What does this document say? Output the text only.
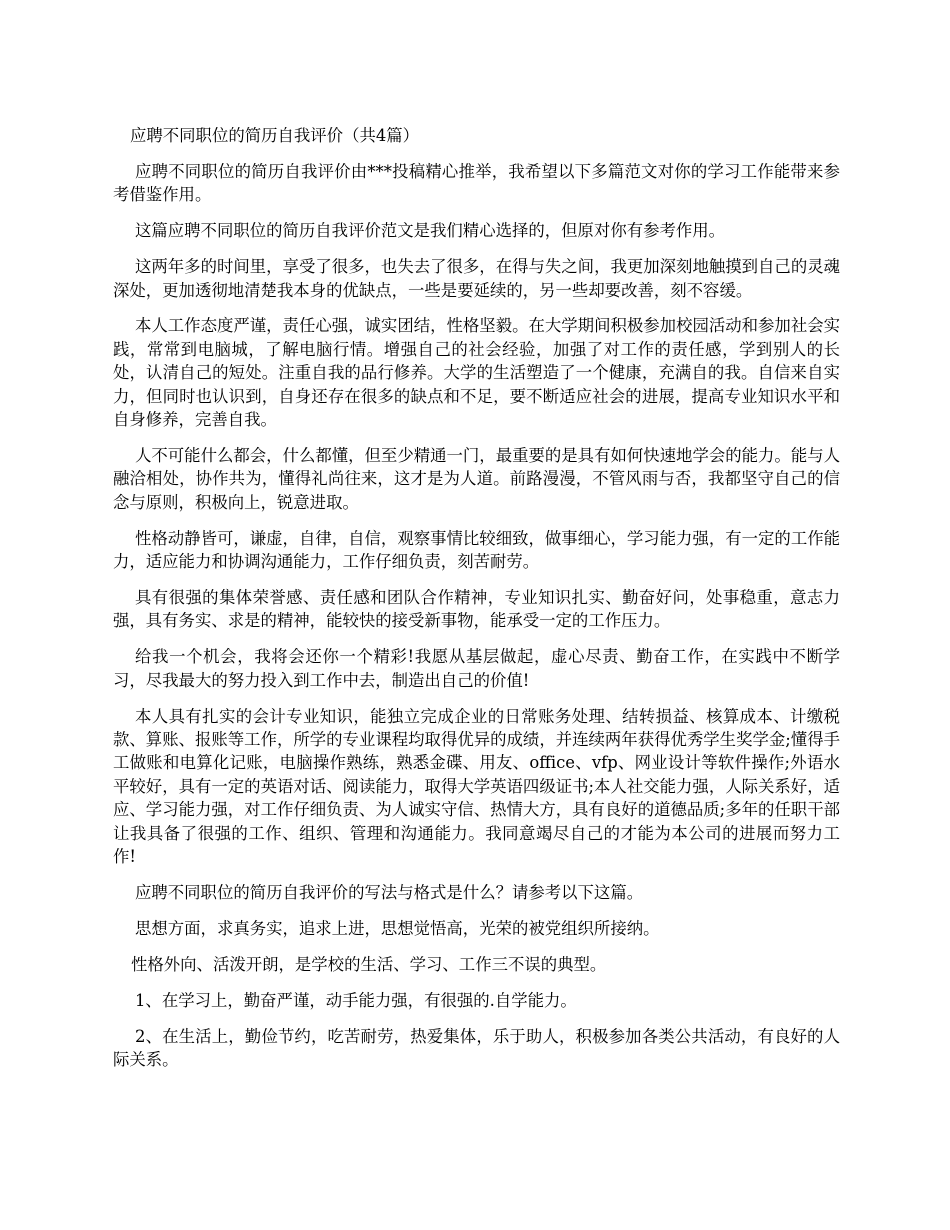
应聘不同职位的简历自我评价（共4篇）

应聘不同职位的简历自我评价由***投稿精心推举，我希望以下多篇范文对你的学习工作能带来参考借鉴作用。

这篇应聘不同职位的简历自我评价范文是我们精心选择的，但原对你有参考作用。

这两年多的时间里，享受了很多，也失去了很多，在得与失之间，我更加深刻地触摸到自己的灵魂深处，更加透彻地清楚我本身的优缺点，一些是要延续的，另一些却要改善，刻不容缓。

本人工作态度严谨，责任心强，诚实团结，性格坚毅。在大学期间积极参加校园活动和参加社会实践，常常到电脑城，了解电脑行情。增强自己的社会经验，加强了对工作的责任感，学到别人的长处，认清自己的短处。注重自我的品行修养。大学的生活塑造了一个健康，充满自的我。自信来自实力，但同时也认识到，自身还存在很多的缺点和不足，要不断适应社会的进展，提高专业知识水平和自身修养，完善自我。

人不可能什么都会，什么都懂，但至少精通一门，最重要的是具有如何快速地学会的能力。能与人融洽相处，协作共为，懂得礼尚往来，这才是为人道。前路漫漫，不管风雨与否，我都坚守自己的信念与原则，积极向上，锐意进取。

性格动静皆可，谦虚，自律，自信，观察事情比较细致，做事细心，学习能力强，有一定的工作能力，适应能力和协调沟通能力，工作仔细负责，刻苦耐劳。

具有很强的集体荣誉感、责任感和团队合作精神，专业知识扎实、勤奋好问，处事稳重，意志力强，具有务实、求是的精神，能较快的接受新事物，能承受一定的工作压力。

给我一个机会，我将会还你一个精彩!我愿从基层做起，虚心尽责、勤奋工作，在实践中不断学习，尽我最大的努力投入到工作中去，制造出自己的价值!

本人具有扎实的会计专业知识，能独立完成企业的日常账务处理、结转损益、核算成本、计缴税款、算账、报账等工作，所学的专业课程均取得优异的成绩，并连续两年获得优秀学生奖学金;懂得手工做账和电算化记账，电脑操作熟练，熟悉金碟、用友、office、vfp、网业设计等软件操作;外语水平较好，具有一定的英语对话、阅读能力，取得大学英语四级证书;本人社交能力强，人际关系好，适应、学习能力强，对工作仔细负责、为人诚实守信、热情大方，具有良好的道德品质;多年的任职干部让我具备了很强的工作、组织、管理和沟通能力。我同意竭尽自己的才能为本公司的进展而努力工作!

应聘不同职位的简历自我评价的写法与格式是什么？请参考以下这篇。

思想方面，求真务实，追求上进，思想觉悟高，光荣的被党组织所接纳。

性格外向、活泼开朗，是学校的生活、学习、工作三不误的典型。

1、在学习上，勤奋严谨，动手能力强，有很强的.自学能力。

2、在生活上，勤俭节约，吃苦耐劳，热爱集体，乐于助人，积极参加各类公共活动，有良好的人际关系。
